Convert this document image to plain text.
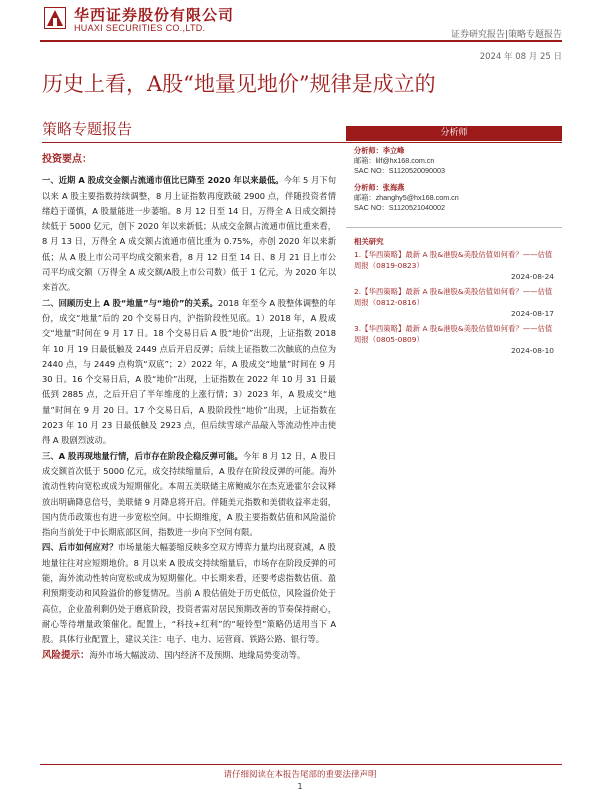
华西证券股份有限公司
HUAXI SECURITIES CO.,LTD.
证券研究报告|策略专题报告
2024 年 08 月 25 日
历史上看，A股“地量见地价”规律是成立的
策略专题报告
投资要点：

一、近期 A 股成交金额占流通市值比已降至 2020 年以来最低。今年 5 月下旬以来 A 股主要指数持续调整，8 月上证指数再度跌破 2900 点，伴随投资者情绪趋于谨慎，A 股量能进一步萎缩。8 月 12 日至 14 日，万得全 A 日成交额持续低于 5000 亿元，创下 2020 年以来新低；从成交金额占流通市值比重来看，8 月 13 日，万得全 A 成交额占流通市值比重为 0.75%，亦创 2020 年以来新低；从 A 股上市公司平均成交额来看，8 月 12 日至 14 日、8 月 21 日上市公司平均成交额（万得全 A 成交额/A股上市公司数）低于 1 亿元，为 2020 年以来首次。

二、回顾历史上 A 股“地量”与“地价”的关系。2018 年至今 A 股整体调整的年份，成交“地量”后的 20 个交易日内，沪指阶段性见底。1）2018 年，A 股成交“地量”时间在 9 月 17 日。18 个交易日后 A 股“地价”出现，上证指数 2018 年 10 月 19 日最低触及 2449 点后开启反弹；后续上证指数二次触底的点位为 2440 点，与 2449 点构筑“双底”；2）2022 年，A 股成交“地量”时间在 9 月 30 日。16 个交易日后，A 股“地价”出现，上证指数在 2022 年 10 月 31 日最低到 2885 点，之后开启了半年维度的上涨行情；3）2023 年，A 股成交“地量”时间在 9 月 20 日。17 个交易日后，A 股阶段性“地价”出现，上证指数在 2023 年 10 月 23 日最低触及 2923 点，但后续雪球产品敲入等流动性冲击使得 A 股剧烈波动。

三、A 股再现地量行情，后市存在阶段企稳反弹可能。今年 8 月 12 日，A 股日成交额首次低于 5000 亿元，成交持续缩量后，A 股存在阶段反弹的可能。海外流动性转向宽松或成为短期催化。本周五美联储主席鲍威尔在杰克逊霍尔会议释放出明确降息信号，美联储 9 月降息将开启。伴随美元指数和美债收益率走弱，国内货币政策也有进一步宽松空间。中长期维度，A 股主要指数估值和风险溢价指向当前处于中长期底部区间，指数进一步向下空间有限。

四、后市如何应对？市场量能大幅萎缩反映多空双方博弈力量均出现衰减，A 股地量往往对应短期地价。8 月以来 A 股成交持续缩量后，市场存在阶段反弹的可能，海外流动性转向宽松或成为短期催化。中长期来看，还要考虑指数估值、盈利预期变动和风险溢价的修复情况。当前 A 股估值处于历史低位，风险溢价处于高位，企业盈利剩仍处于磨底阶段，投资者需对居民预期改善的节奏保持耐心，耐心等待增量政策催化。配置上，“科技+红利”的“哑铃型”策略仍适用当下 A 股。具体行业配置上，建议关注：电子、电力、运营商、铁路公路、银行等。

风险提示：海外市场大幅波动、国内经济不及预期、地缘局势变动等。

分析师
分析师：李立峰
邮箱：lilf@hx168.com.cn
SAC NO：S1120520090003
分析师：张海燕
邮箱：zhanghy5@hx168.com.cn
SAC NO：S1120521040002
相关研究
1.【华西策略】最新 A 股&港股&美股估值如何看？——估值周报（0819-0823）
2024-08-24
2.【华西策略】最新 A 股&港股&美股估值如何看？——估值周报（0812-0816）
2024-08-17
3.【华西策略】最新 A 股&港股&美股估值如何看？——估值周报（0805-0809）
2024-08-10
请仔细阅读在本报告尾部的重要法律声明
1
